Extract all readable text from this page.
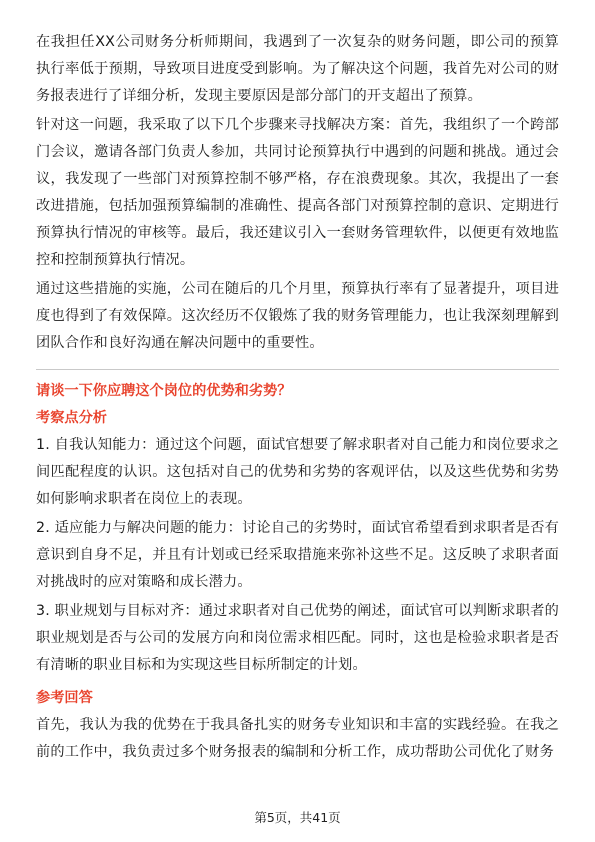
在我担任XX公司财务分析师期间，我遇到了一次复杂的财务问题，即公司的预算执行率低于预期，导致项目进度受到影响。为了解决这个问题，我首先对公司的财务报表进行了详细分析，发现主要原因是部分部门的开支超出了预算。

针对这一问题，我采取了以下几个步骤来寻找解决方案：首先，我组织了一个跨部门会议，邀请各部门负责人参加，共同讨论预算执行中遇到的问题和挑战。通过会议，我发现了一些部门对预算控制不够严格，存在浪费现象。其次，我提出了一套改进措施，包括加强预算编制的准确性、提高各部门对预算控制的意识、定期进行预算执行情况的审核等。最后，我还建议引入一套财务管理软件，以便更有效地监控和控制预算执行情况。

通过这些措施的实施，公司在随后的几个月里，预算执行率有了显著提升，项目进度也得到了有效保障。这次经历不仅锻炼了我的财务管理能力，也让我深刻理解到团队合作和良好沟通在解决问题中的重要性。

请谈一下你应聘这个岗位的优势和劣势？

考察点分析

1. 自我认知能力：通过这个问题，面试官想要了解求职者对自己能力和岗位要求之间匹配程度的认识。这包括对自己的优势和劣势的客观评估，以及这些优势和劣势如何影响求职者在岗位上的表现。

2. 适应能力与解决问题的能力：讨论自己的劣势时，面试官希望看到求职者是否有意识到自身不足，并且有计划或已经采取措施来弥补这些不足。这反映了求职者面对挑战时的应对策略和成长潜力。

3. 职业规划与目标对齐：通过求职者对自己优势的阐述，面试官可以判断求职者的职业规划是否与公司的发展方向和岗位需求相匹配。同时，这也是检验求职者是否有清晰的职业目标和为实现这些目标所制定的计划。

参考回答

首先，我认为我的优势在于我具备扎实的财务专业知识和丰富的实践经验。在我之前的工作中，我负责过多个财务报表的编制和分析工作，成功帮助公司优化了财务

第5页，共41页
